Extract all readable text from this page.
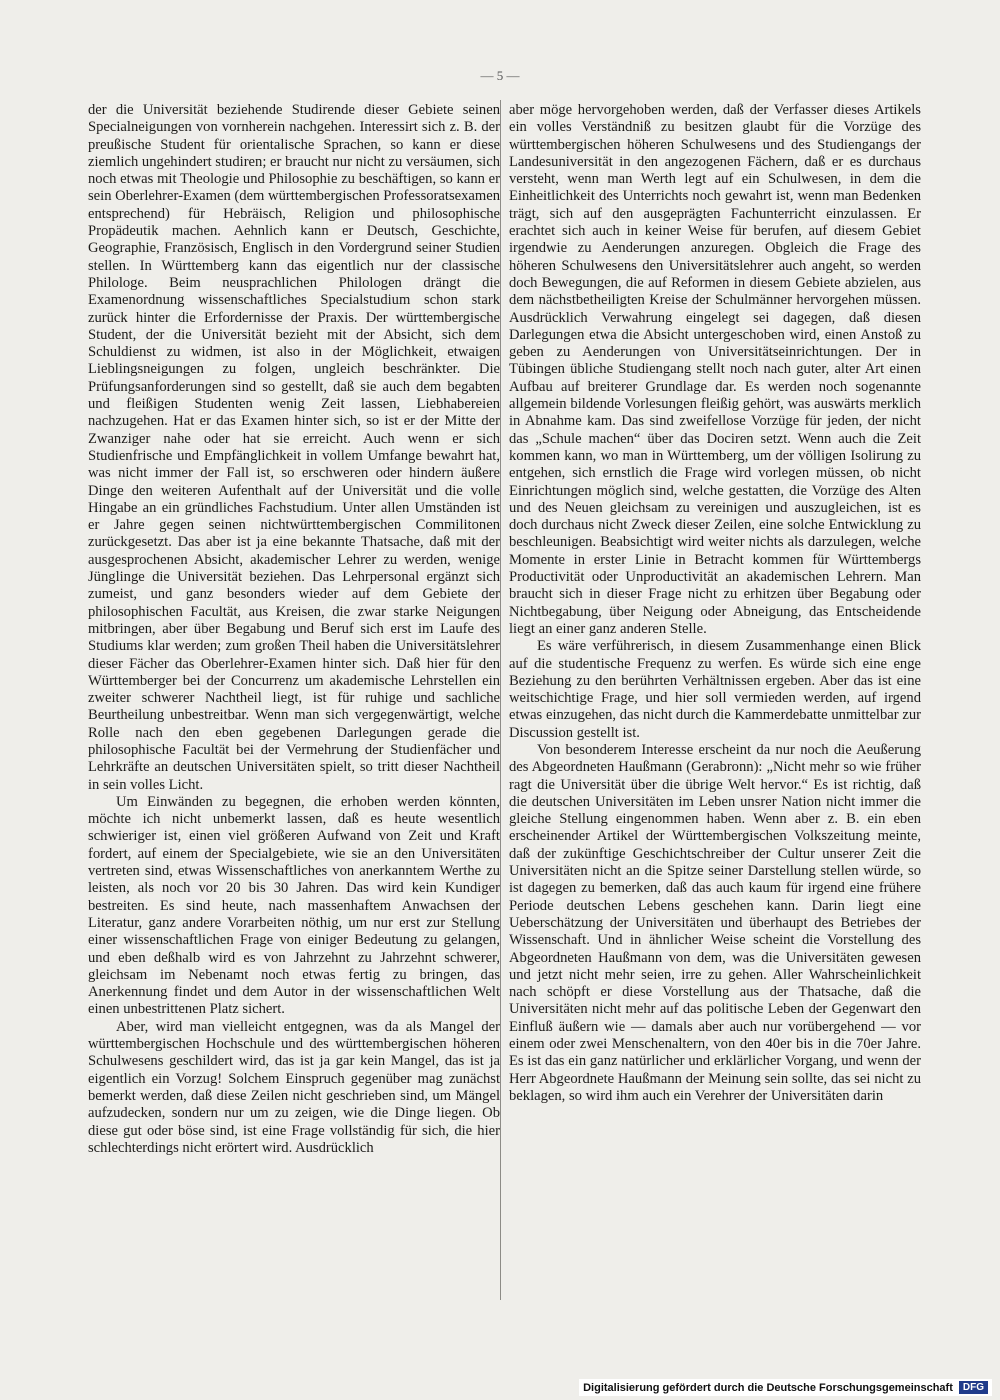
— 5 —

der die Universität beziehende Studirende dieser Gebiete seinen Specialneigungen von vornherein nachgehen. Interessirt sich z. B. der preußische Student für orientalische Sprachen, so kann er diese ziemlich ungehindert studiren; er braucht nur nicht zu versäumen, sich noch etwas mit Theologie und Philosophie zu beschäftigen, so kann er sein Oberlehrer-Examen (dem württembergischen Professoratsexamen entsprechend) für Hebräisch, Religion und philosophische Propädeutik machen. Aehnlich kann er Deutsch, Geschichte, Geographie, Französisch, Englisch in den Vordergrund seiner Studien stellen. In Württemberg kann das eigentlich nur der classische Philologe. Beim neusprachlichen Philologen drängt die Examenordnung wissenschaftliches Specialstudium schon stark zurück hinter die Erfordernisse der Praxis. Der württembergische Student, der die Universität bezieht mit der Absicht, sich dem Schuldienst zu widmen, ist also in der Möglichkeit, etwaigen Lieblingsneigungen zu folgen, ungleich beschränkter. Die Prüfungsanforderungen sind so gestellt, daß sie auch dem begabten und fleißigen Studenten wenig Zeit lassen, Liebhabereien nachzugehen. Hat er das Examen hinter sich, so ist er der Mitte der Zwanziger nahe oder hat sie erreicht. Auch wenn er sich Studienfrische und Empfänglichkeit in vollem Umfange bewahrt hat, was nicht immer der Fall ist, so erschweren oder hindern äußere Dinge den weiteren Aufenthalt auf der Universität und die volle Hingabe an ein gründliches Fachstudium. Unter allen Umständen ist er Jahre gegen seinen nichtwürttembergischen Commilitonen zurückgesetzt. Das aber ist ja eine bekannte Thatsache, daß mit der ausgesprochenen Absicht, akademischer Lehrer zu werden, wenige Jünglinge die Universität beziehen. Das Lehrpersonal ergänzt sich zumeist, und ganz besonders wieder auf dem Gebiete der philosophischen Facultät, aus Kreisen, die zwar starke Neigungen mitbringen, aber über Begabung und Beruf sich erst im Laufe des Studiums klar werden; zum großen Theil haben die Universitätslehrer dieser Fächer das Oberlehrer-Examen hinter sich. Daß hier für den Württemberger bei der Concurrenz um akademische Lehrstellen ein zweiter schwerer Nachtheil liegt, ist für ruhige und sachliche Beurtheilung unbestreitbar. Wenn man sich vergegenwärtigt, welche Rolle nach den eben gegebenen Darlegungen gerade die philosophische Facultät bei der Vermehrung der Studienfächer und Lehrkräfte an deutschen Universitäten spielt, so tritt dieser Nachtheil in sein volles Licht.

Um Einwänden zu begegnen, die erhoben werden könnten, möchte ich nicht unbemerkt lassen, daß es heute wesentlich schwieriger ist, einen viel größeren Aufwand von Zeit und Kraft fordert, auf einem der Specialgebiete, wie sie an den Universitäten vertreten sind, etwas Wissenschaftliches von anerkanntem Werthe zu leisten, als noch vor 20 bis 30 Jahren. Das wird kein Kundiger bestreiten. Es sind heute, nach massenhaftem Anwachsen der Literatur, ganz andere Vorarbeiten nöthig, um nur erst zur Stellung einer wissenschaftlichen Frage von einiger Bedeutung zu gelangen, und eben deßhalb wird es von Jahrzehnt zu Jahrzehnt schwerer, gleichsam im Nebenamt noch etwas fertig zu bringen, das Anerkennung findet und dem Autor in der wissenschaftlichen Welt einen unbestrittenen Platz sichert.

Aber, wird man vielleicht entgegnen, was da als Mangel der württembergischen Hochschule und des württembergischen höheren Schulwesens geschildert wird, das ist ja gar kein Mangel, das ist ja eigentlich ein Vorzug! Solchem Einspruch gegenüber mag zunächst bemerkt werden, daß diese Zeilen nicht geschrieben sind, um Mängel aufzudecken, sondern nur um zu zeigen, wie die Dinge liegen. Ob diese gut oder böse sind, ist eine Frage vollständig für sich, die hier schlechterdings nicht erörtert wird. Ausdrücklich

aber möge hervorgehoben werden, daß der Verfasser dieses Artikels ein volles Verständniß zu besitzen glaubt für die Vorzüge des württembergischen höheren Schulwesens und des Studiengangs der Landesuniversität in den angezogenen Fächern, daß er es durchaus versteht, wenn man Werth legt auf ein Schulwesen, in dem die Einheitlichkeit des Unterrichts noch gewahrt ist, wenn man Bedenken trägt, sich auf den ausgeprägten Fachunterricht einzulassen. Er erachtet sich auch in keiner Weise für berufen, auf diesem Gebiet irgendwie zu Aenderungen anzuregen. Obgleich die Frage des höheren Schulwesens den Universitätslehrer auch angeht, so werden doch Bewegungen, die auf Reformen in diesem Gebiete abzielen, aus dem nächstbetheiligten Kreise der Schulmänner hervorgehen müssen. Ausdrücklich Verwahrung eingelegt sei dagegen, daß diesen Darlegungen etwa die Absicht untergeschoben wird, einen Anstoß zu geben zu Aenderungen von Universitätseinrichtungen. Der in Tübingen übliche Studiengang stellt noch nach guter, alter Art einen Aufbau auf breiterer Grundlage dar. Es werden noch sogenannte allgemein bildende Vorlesungen fleißig gehört, was auswärts merklich in Abnahme kam. Das sind zweifellose Vorzüge für jeden, der nicht das „Schule machen“ über das Dociren setzt. Wenn auch die Zeit kommen kann, wo man in Württemberg, um der völligen Isolirung zu entgehen, sich ernstlich die Frage wird vorlegen müssen, ob nicht Einrichtungen möglich sind, welche gestatten, die Vorzüge des Alten und des Neuen gleichsam zu vereinigen und auszugleichen, ist es doch durchaus nicht Zweck dieser Zeilen, eine solche Entwicklung zu beschleunigen. Beabsichtigt wird weiter nichts als darzulegen, welche Momente in erster Linie in Betracht kommen für Württembergs Productivität oder Unproductivität an akademischen Lehrern. Man braucht sich in dieser Frage nicht zu erhitzen über Begabung oder Nichtbegabung, über Neigung oder Abneigung, das Entscheidende liegt an einer ganz anderen Stelle.

Es wäre verführerisch, in diesem Zusammenhange einen Blick auf die studentische Frequenz zu werfen. Es würde sich eine enge Beziehung zu den berührten Verhältnissen ergeben. Aber das ist eine weitschichtige Frage, und hier soll vermieden werden, auf irgend etwas einzugehen, das nicht durch die Kammerdebatte unmittelbar zur Discussion gestellt ist.

Von besonderem Interesse erscheint da nur noch die Aeußerung des Abgeordneten Haußmann (Gerabronn): „Nicht mehr so wie früher ragt die Universität über die übrige Welt hervor.“ Es ist richtig, daß die deutschen Universitäten im Leben unsrer Nation nicht immer die gleiche Stellung eingenommen haben. Wenn aber z. B. ein eben erscheinender Artikel der Württembergischen Volkszeitung meinte, daß der zukünftige Geschichtschreiber der Cultur unserer Zeit die Universitäten nicht an die Spitze seiner Darstellung stellen würde, so ist dagegen zu bemerken, daß das auch kaum für irgend eine frühere Periode deutschen Lebens geschehen kann. Darin liegt eine Ueberschätzung der Universitäten und überhaupt des Betriebes der Wissenschaft. Und in ähnlicher Weise scheint die Vorstellung des Abgeordneten Haußmann von dem, was die Universitäten gewesen und jetzt nicht mehr seien, irre zu gehen. Aller Wahrscheinlichkeit nach schöpft er diese Vorstellung aus der Thatsache, daß die Universitäten nicht mehr auf das politische Leben der Gegenwart den Einfluß äußern wie — damals aber auch nur vorübergehend — vor einem oder zwei Menschenaltern, von den 40er bis in die 70er Jahre. Es ist das ein ganz natürlicher und erklärlicher Vorgang, und wenn der Herr Abgeordnete Haußmann der Meinung sein sollte, das sei nicht zu beklagen, so wird ihm auch ein Verehrer der Universitäten darin

Digitalisierung gefördert durch die Deutsche Forschungsgemeinschaft	DFG
